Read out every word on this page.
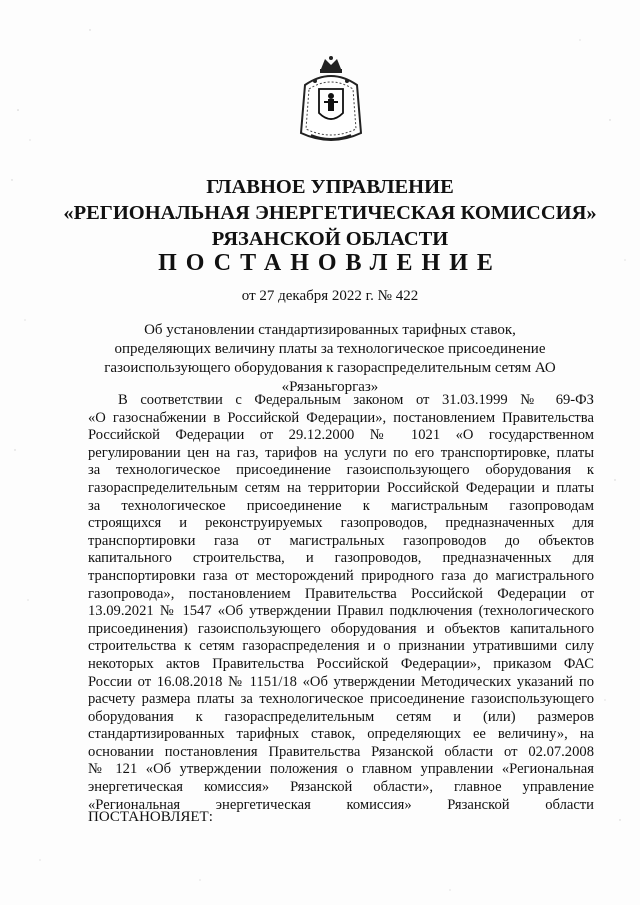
ГЛАВНОЕ УПРАВЛЕНИЕ

«РЕГИОНАЛЬНАЯ ЭНЕРГЕТИЧЕСКАЯ КОМИССИЯ»

РЯЗАНСКОЙ ОБЛАСТИ

ПОСТАНОВЛЕНИЕ

от 27 декабря 2022 г. № 422

Об установлении стандартизированных тарифных ставок, определяющих величину платы за технологическое присоединение газоиспользующего оборудования к газораспределительным сетям АО «Рязаньгоргаз»

В соответствии с Федеральным законом от 31.03.1999 № 69-ФЗ
«О газоснабжении в Российской Федерации», постановлением Правительства
Российской Федерации от 29.12.2000 № 1021 «О государственном
регулировании цен на газ, тарифов на услуги по его транспортировке, платы
за технологическое присоединение газоиспользующего оборудования к
газораспределительным сетям на территории Российской Федерации и платы
за технологическое присоединение к магистральным газопроводам
строящихся и реконструируемых газопроводов, предназначенных для
транспортировки газа от магистральных газопроводов до объектов
капитального строительства, и газопроводов, предназначенных для
транспортировки газа от месторождений природного газа до магистрального
газопровода», постановлением Правительства Российской Федерации от
13.09.2021 № 1547 «Об утверждении Правил подключения (технологического
присоединения) газоиспользующего оборудования и объектов капитального
строительства к сетям газораспределения и о признании утратившими силу
некоторых актов Правительства Российской Федерации», приказом ФАС
России от 16.08.2018 № 1151/18 «Об утверждении Методических указаний по
расчету размера платы за технологическое присоединение газоиспользующего
оборудования к газораспределительным сетям и (или) размеров
стандартизированных тарифных ставок, определяющих ее величину», на
основании постановления Правительства Рязанской области от 02.07.2008
№ 121 «Об утверждении положения о главном управлении «Региональная
энергетическая комиссия» Рязанской области», главное управление
«Региональная энергетическая комиссия» Рязанской области

ПОСТАНОВЛЯЕТ:
